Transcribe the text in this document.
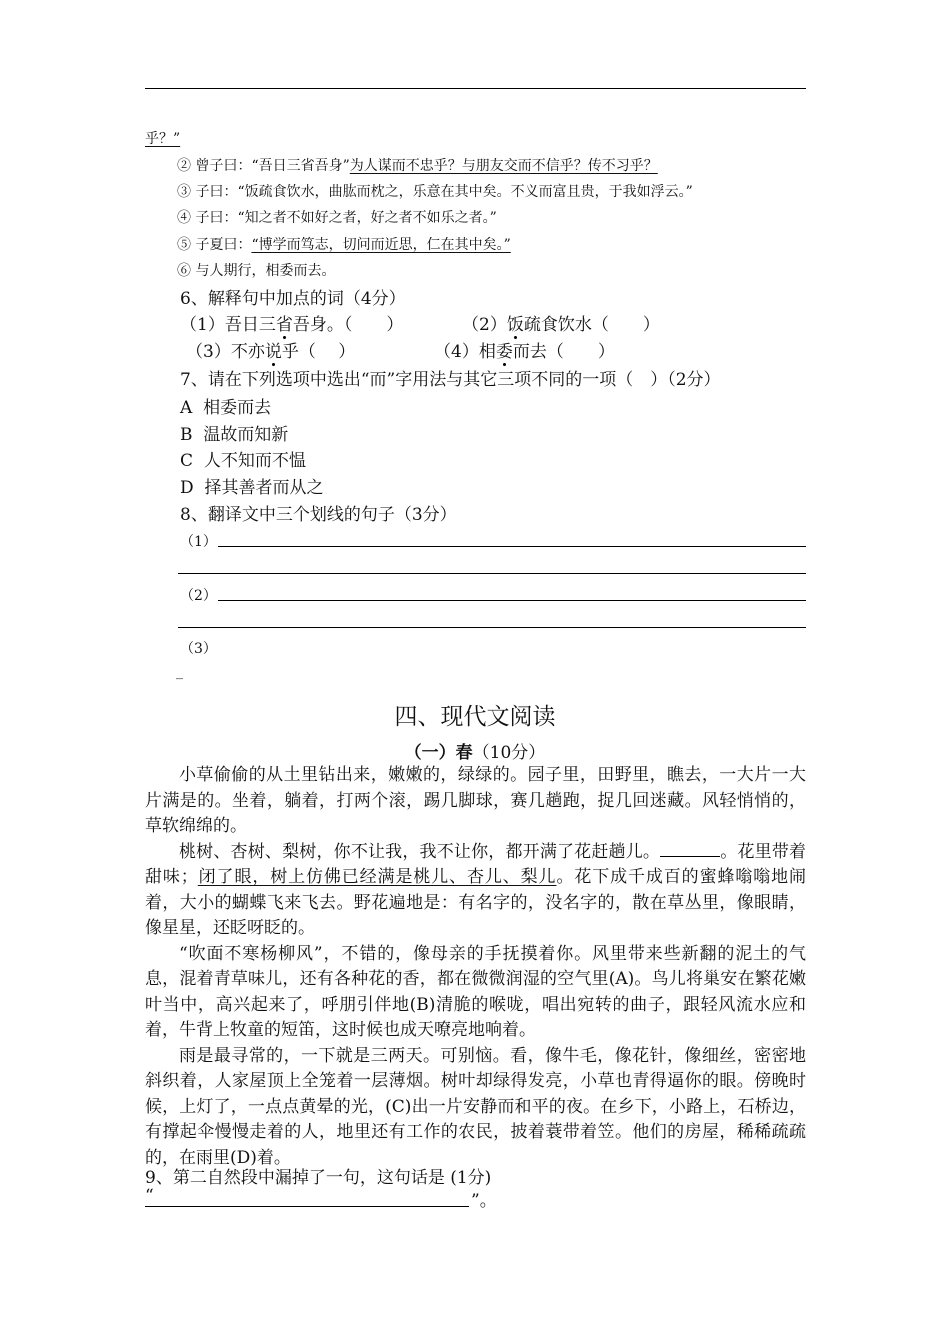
乎？”
② 曾子曰：“吾日三省吾身”为人谋而不忠乎？与朋友交而不信乎？传不习乎？
③ 子曰：“饭疏食饮水，曲肱而枕之，乐意在其中矣。不义而富且贵，于我如浮云。”
④ 子曰：“知之者不如好之者，好之者不如乐之者。”
⑤ 子夏曰：“博学而笃志，切问而近思，仁在其中矣。”
⑥ 与人期行，相委而去。
6、解释句中加点的词（4分）
（1）吾日三省吾身。（　　）	（2）饭疏食饮水（　　）
（3）不亦说乎（　 ）	（4）相委而去（　　）
7、请在下列选项中选出“而”字用法与其它三项不同的一项（　）（2分）
A 相委而去
B 温故而知新
C 人不知而不愠
D 择其善者而从之
8、翻译文中三个划线的句子（3分）
（1）
（2）
（3）
_
四、现代文阅读
（一）春（10分）

小草偷偷的从土里钻出来，嫩嫩的，绿绿的。园子里，田野里，瞧去，一大片一大片满是的。坐着，躺着，打两个滚，踢几脚球，赛几趟跑，捉几回迷藏。风轻悄悄的，草软绵绵的。

桃树、杏树、梨树，你不让我，我不让你，都开满了花赶趟儿。	。花里带着甜味；闭了眼，树上仿佛已经满是桃儿、杏儿、梨儿。花下成千成百的蜜蜂嗡嗡地闹着，大小的蝴蝶飞来飞去。野花遍地是：有名字的，没名字的，散在草丛里，像眼睛，像星星，还眨呀眨的。

“吹面不寒杨柳风”，不错的，像母亲的手抚摸着你。风里带来些新翻的泥土的气息，混着青草味儿，还有各种花的香，都在微微润湿的空气里(A)。鸟儿将巢安在繁花嫩叶当中，高兴起来了，呼朋引伴地(B)清脆的喉咙，唱出宛转的曲子，跟轻风流水应和着，牛背上牧童的短笛，这时候也成天嘹亮地响着。

雨是最寻常的，一下就是三两天。可别恼。看，像牛毛，像花针，像细丝，密密地斜织着，人家屋顶上全笼着一层薄烟。树叶却绿得发亮，小草也青得逼你的眼。傍晚时候，上灯了，一点点黄晕的光，(C)出一片安静而和平的夜。在乡下，小路上，石桥边，有撑起伞慢慢走着的人，地里还有工作的农民，披着蓑带着笠。他们的房屋，稀稀疏疏的，在雨里(D)着。

9、第二自然段中漏掉了一句，这句话是 (1分)
“	”。
